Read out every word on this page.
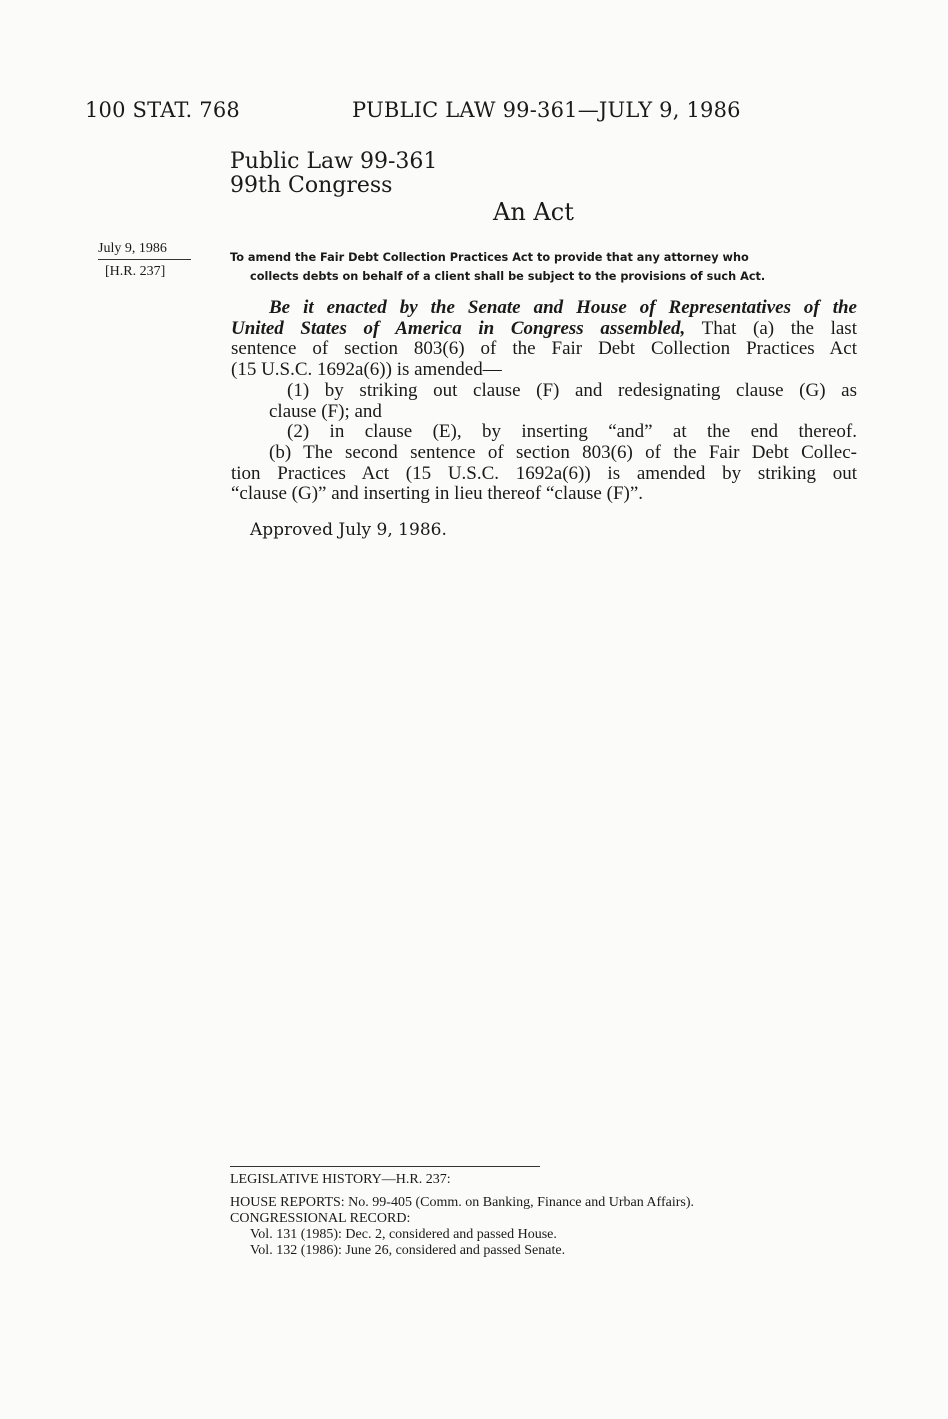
100 STAT. 768	PUBLIC LAW 99-361—JULY 9, 1986
Public Law 99-361
99th Congress
An Act
July 9, 1986
[H.R. 237]
To amend the Fair Debt Collection Practices Act to provide that any attorney who
collects debts on behalf of a client shall be subject to the provisions of such Act.
Be it enacted by the Senate and House of Representatives of the
United States of America in Congress assembled, That (a) the last
sentence of section 803(6) of the Fair Debt Collection Practices Act
(15 U.S.C. 1692a(6)) is amended—
(1) by striking out clause (F) and redesignating clause (G) as
clause (F); and
(2) in clause (E), by inserting “and” at the end thereof.
(b) The second sentence of section 803(6) of the Fair Debt Collec-
tion Practices Act (15 U.S.C. 1692a(6)) is amended by striking out
“clause (G)” and inserting in lieu thereof “clause (F)”.
Approved July 9, 1986.
LEGISLATIVE HISTORY—H.R. 237:
HOUSE REPORTS: No. 99-405 (Comm. on Banking, Finance and Urban Affairs).
CONGRESSIONAL RECORD:
Vol. 131 (1985): Dec. 2, considered and passed House.
Vol. 132 (1986): June 26, considered and passed Senate.
